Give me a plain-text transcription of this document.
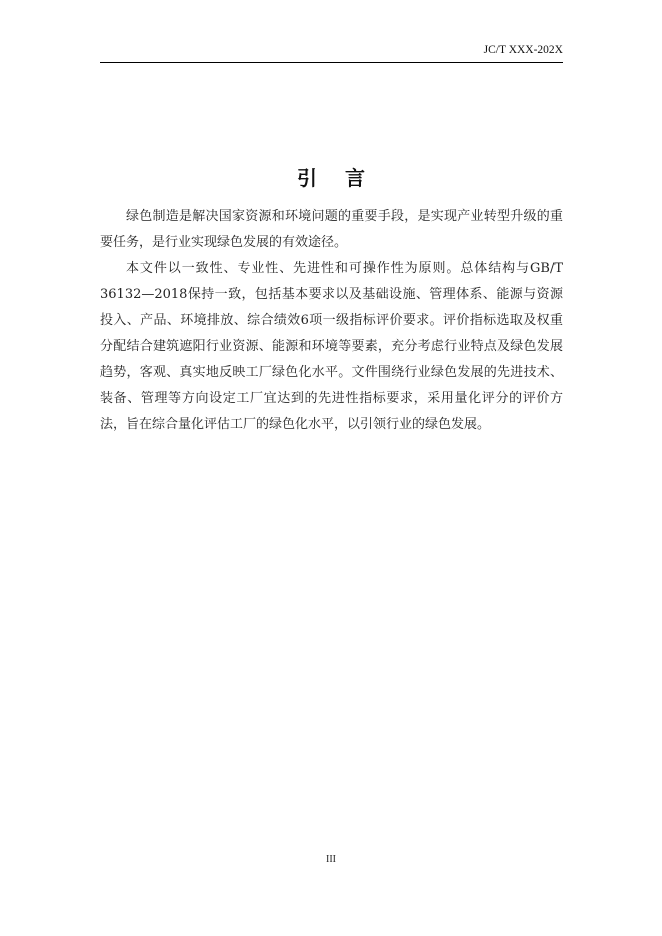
JC/T XXX-202X
引言

绿色制造是解决国家资源和环境问题的重要手段，是实现产业转型升级的重要任务，是行业实现绿色发展的有效途径。

本文件以一致性、专业性、先进性和可操作性为原则。总体结构与GB/T 36132—2018保持一致，包括基本要求以及基础设施、管理体系、能源与资源投入、产品、环境排放、综合绩效6项一级指标评价要求。评价指标选取及权重分配结合建筑遮阳行业资源、能源和环境等要素，充分考虑行业特点及绿色发展趋势，客观、真实地反映工厂绿色化水平。文件围绕行业绿色发展的先进技术、装备、管理等方向设定工厂宜达到的先进性指标要求，采用量化评分的评价方法，旨在综合量化评估工厂的绿色化水平，以引领行业的绿色发展。

III
